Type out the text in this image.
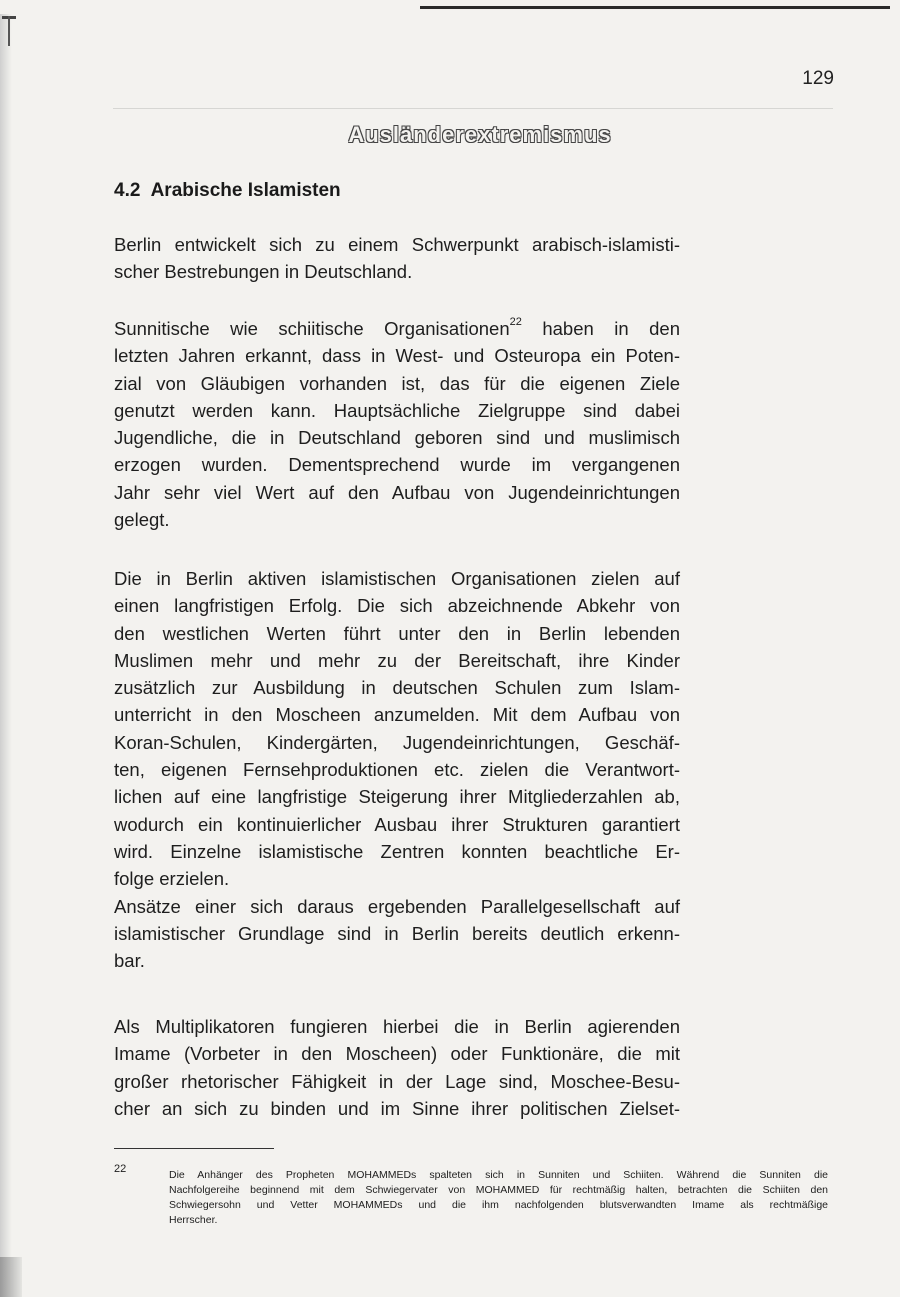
129
Ausländerextremismus
4.2 Arabische Islamisten
Berlin entwickelt sich zu einem Schwerpunkt arabisch-islamisti-
scher Bestrebungen in Deutschland.
Sunnitische wie schiitische Organisationen$^{22}$ haben in den
letzten Jahren erkannt, dass in West- und Osteuropa ein Poten-
zial von Gläubigen vorhanden ist, das für die eigenen Ziele
genutzt werden kann. Hauptsächliche Zielgruppe sind dabei
Jugendliche, die in Deutschland geboren sind und muslimisch
erzogen wurden. Dementsprechend wurde im vergangenen
Jahr sehr viel Wert auf den Aufbau von Jugendeinrichtungen
gelegt.
Die in Berlin aktiven islamistischen Organisationen zielen auf
einen langfristigen Erfolg. Die sich abzeichnende Abkehr von
den westlichen Werten führt unter den in Berlin lebenden
Muslimen mehr und mehr zu der Bereitschaft, ihre Kinder
zusätzlich zur Ausbildung in deutschen Schulen zum Islam-
unterricht in den Moscheen anzumelden. Mit dem Aufbau von
Koran-Schulen, Kindergärten, Jugendeinrichtungen, Geschäf-
ten, eigenen Fernsehproduktionen etc. zielen die Verantwort-
lichen auf eine langfristige Steigerung ihrer Mitgliederzahlen ab,
wodurch ein kontinuierlicher Ausbau ihrer Strukturen garantiert
wird. Einzelne islamistische Zentren konnten beachtliche Er-
folge erzielen.
Ansätze einer sich daraus ergebenden Parallelgesellschaft auf
islamistischer Grundlage sind in Berlin bereits deutlich erkenn-
bar.
Als Multiplikatoren fungieren hierbei die in Berlin agierenden
Imame (Vorbeter in den Moscheen) oder Funktionäre, die mit
großer rhetorischer Fähigkeit in der Lage sind, Moschee-Besu-
cher an sich zu binden und im Sinne ihrer politischen Zielset-
22	Die Anhänger des Propheten MOHAMMEDs spalteten sich in Sunniten und Schiiten. Während die Sunniten die
Nachfolgereihe beginnend mit dem Schwiegervater von MOHAMMED für rechtmäßig halten, betrachten die Schiiten den
Schwiegersohn und Vetter MOHAMMEDs und die ihm nachfolgenden blutsverwandten Imame als rechtmäßige
Herrscher.
